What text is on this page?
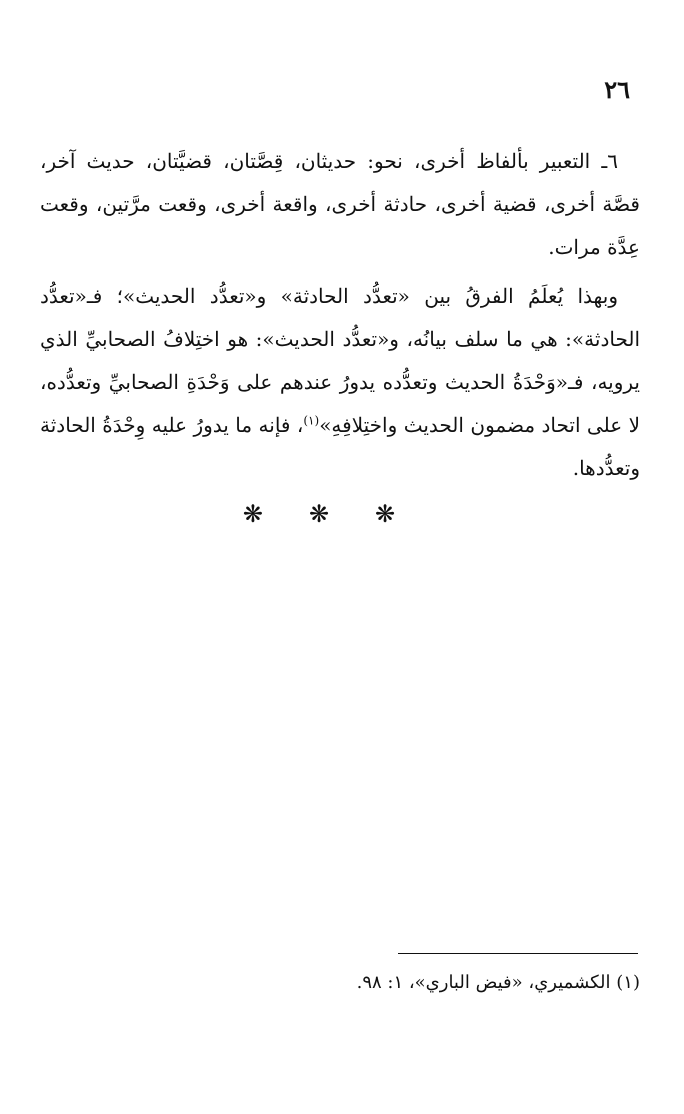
٢٦

٦ـ التعبير بألفاظ أخرى، نحو: حديثان، قِصَّتان، قضيَّتان، حديث آخر، قصَّة أخرى، قضية أخرى، حادثة أخرى، واقعة أخرى، وقعت مرَّتين، وقعت عِدَّة مرات.

وبهذا يُعلَمُ الفرقُ بين «تعدُّد الحادثة» و«تعدُّد الحديث»؛ فـ«تعدُّد الحادثة»: هي ما سلف بيانُه، و«تعدُّد الحديث»: هو اختِلافُ الصحابيِّ الذي يرويه، فـ«وَحْدَةُ الحديث وتعدُّده يدورُ عندهم على وَحْدَةِ الصحابيِّ وتعدُّده، لا على اتحاد مضمون الحديث واختِلافِهِ»$^{(١)}$، فإنه ما يدورُ عليه وِحْدَةُ الحادثة وتعدُّدها.

❋❋❋
(١) الكشميري، «فيض الباري»، ١: ٩٨.
